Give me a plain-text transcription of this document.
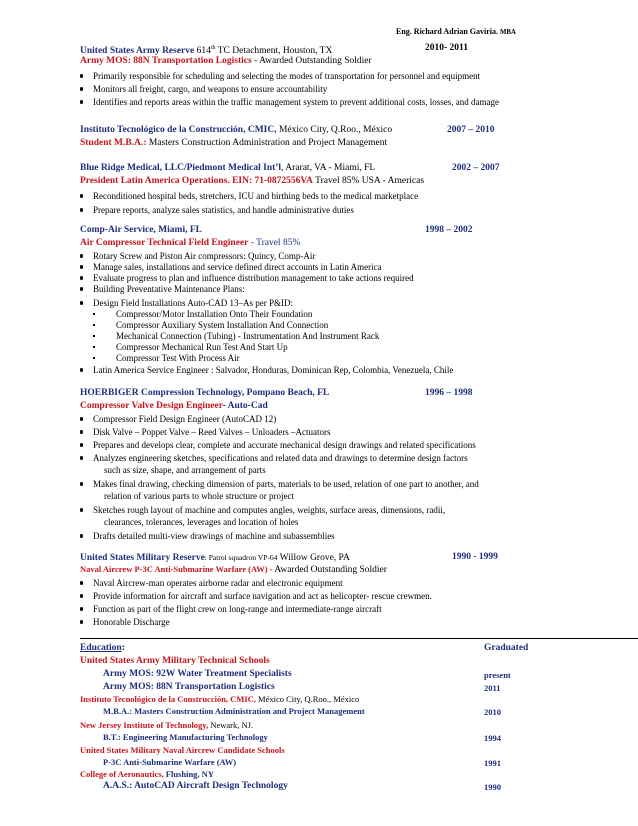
Eng. Richard Adrian Gaviria. MBA
United States Army Reserve 614th TC Detachment, Houston, TX	2010- 2011
Army MOS: 88N Transportation Logistics - Awarded Outstanding Soldier
Primarily responsible for scheduling and selecting the modes of transportation for personnel and equipment
Monitors all freight, cargo, and weapons to ensure accountability
Identifies and reports areas within the traffic management system to prevent additional costs, losses, and damage
Instituto Tecnológico de la Construcción, CMIC, México City, Q.Roo., México	2007 – 2010
Student M.B.A.: Masters Construction Administration and Project Management
Blue Ridge Medical, LLC/Piedmont Medical Int’l, Ararat, VA - Miami, FL	2002 – 2007
President Latin America Operations. EIN: 71-0872556VA Travel 85% USA - Americas
Reconditioned hospital beds, stretchers, ICU and birthing beds to the medical marketplace
Prepare reports, analyze sales statistics, and handle administrative duties
Comp-Air Service, Miami, FL	1998 – 2002
Air Compressor Technical Field Engineer - Travel 85%
Rotary Screw and Piston Air compressors: Quincy, Comp-Air
Manage sales, installations and service defined direct accounts in Latin America
Evaluate progress to plan and influence distribution management to take actions required
Building Preventative Maintenance Plans:
Design Field Installations Auto-CAD 13–As per P&ID:
Compressor/Motor Installation Onto Their Foundation
Compressor Auxiliary System Installation And Connection
Mechanical Connection (Tubing) - Instrumentation And Instrument Rack
Compressor Mechanical Run Test And Start Up
Compressor Test With Process Air
Latin America Service Engineer : Salvador, Honduras, Dominican Rep, Colombia, Venezuela, Chile
HOERBIGER Compression Technology, Pompano Beach, FL	1996 – 1998
Compressor Valve Design Engineer- Auto-Cad
Compressor Field Design Engineer (AutoCAD 12)
Disk Valve – Poppet Valve – Reed Valves – Unloaders –Actuators
Prepares and develops clear, complete and accurate mechanical design drawings and related specifications
Analyzes engineering sketches, specifications and related data and drawings to determine design factors
such as size, shape, and arrangement of parts
Makes final drawing, checking dimension of parts, materials to be used, relation of one part to another, and
relation of various parts to whole structure or project
Sketches rough layout of machine and computes angles, weights, surface areas, dimensions, radii,
clearances, tolerances, leverages and location of holes
Drafts detailed multi-view drawings of machine and subassemblies
United States Military Reserve: Patrol squadron VP-64 Willow Grove, PA	1990 - 1999
Naval Aircrew P-3C Anti-Submarine Warfare (AW) - Awarded Outstanding Soldier
Naval Aircrew-man operates airborne radar and electronic equipment
Provide information for aircraft and surface navigation and act as helicopter- rescue crewmen.
Function as part of the flight crew on long-range and intermediate-range aircraft
Honorable Discharge
Education:	Graduated
United States Army Military Technical Schools
Army MOS: 92W Water Treatment Specialists	present
Army MOS: 88N Transportation Logistics	2011
Instituto Tecnológico de la Construcción, CMIC, México City, Q.Roo., México
M.B.A.: Masters Construction Administration and Project Management	2010
New Jersey Institute of Technology, Newark, NJ.
B.T.: Engineering Manufacturing Technology	1994
United States Military Naval Aircrew Candidate Schools
P-3C Anti-Submarine Warfare (AW)	1991
College of Aeronautics, Flushing, NY
A.A.S.: AutoCAD Aircraft Design Technology	1990
